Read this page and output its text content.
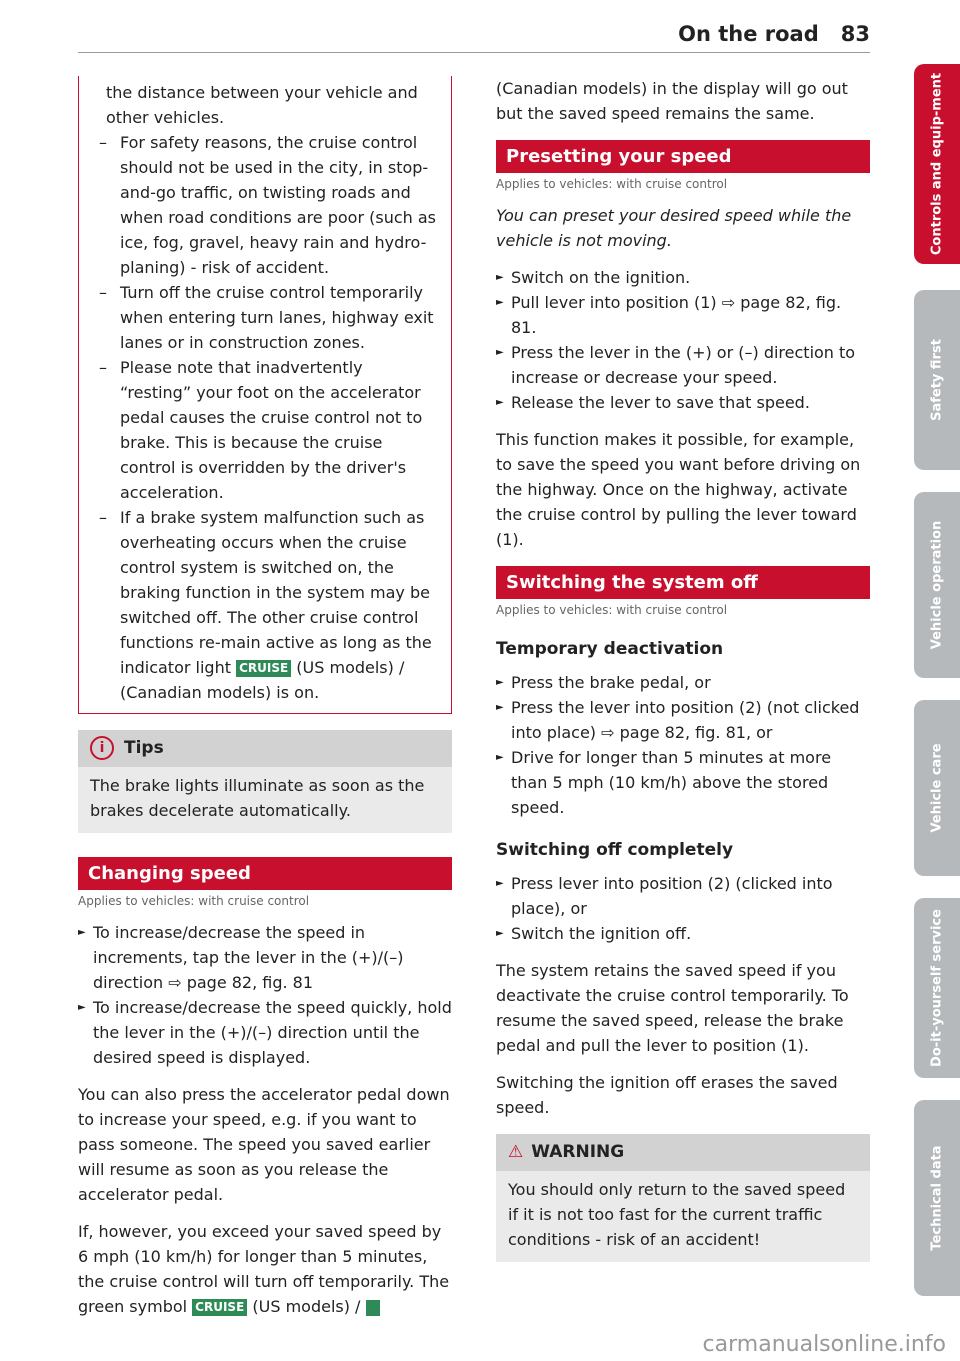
On the road 83
the distance between your vehicle and other vehicles.
– For safety reasons, the cruise control should not be used in the city, in stop-and-go traffic, on twisting roads and when road conditions are poor (such as ice, fog, gravel, heavy rain and hydro-planing) - risk of accident.
– Turn off the cruise control temporarily when entering turn lanes, highway exit lanes or in construction zones.
– Please note that inadvertently “resting” your foot on the accelerator pedal causes the cruise control not to brake. This is because the cruise control is overridden by the driver's acceleration.
– If a brake system malfunction such as overheating occurs when the cruise control system is switched on, the braking function in the system may be switched off. The other cruise control functions re-main active as long as the indicator light CRUISE (US models) / (Canadian models) is on.
i Tips
The brake lights illuminate as soon as the brakes decelerate automatically.
Changing speed
Applies to vehicles: with cruise control
► To increase/decrease the speed in increments, tap the lever in the (+)/(–) direction ⇨ page 82, fig. 81
► To increase/decrease the speed quickly, hold the lever in the (+)/(–) direction until the desired speed is displayed.

You can also press the accelerator pedal down to increase your speed, e.g. if you want to pass someone. The speed you saved earlier will resume as soon as you release the accelerator pedal.

If, however, you exceed your saved speed by 6 mph (10 km/h) for longer than 5 minutes, the cruise control will turn off temporarily. The green symbol CRUISE (US models) /

(Canadian models) in the display will go out but the saved speed remains the same.

Presetting your speed
Applies to vehicles: with cruise control

You can preset your desired speed while the vehicle is not moving.

► Switch on the ignition.
► Pull lever into position (1) ⇨ page 82, fig. 81.
► Press the lever in the (+) or (–) direction to increase or decrease your speed.
► Release the lever to save that speed.

This function makes it possible, for example, to save the speed you want before driving on the highway. Once on the highway, activate the cruise control by pulling the lever toward (1).

Switching the system off
Applies to vehicles: with cruise control
Temporary deactivation
► Press the brake pedal, or
► Press the lever into position (2) (not clicked into place) ⇨ page 82, fig. 81, or
► Drive for longer than 5 minutes at more than 5 mph (10 km/h) above the stored speed.
Switching off completely
► Press lever into position (2) (clicked into place), or
► Switch the ignition off.

The system retains the saved speed if you deactivate the cruise control temporarily. To resume the saved speed, release the brake pedal and pull the lever to position (1).

Switching the ignition off erases the saved speed.

⚠ WARNING
You should only return to the saved speed if it is not too fast for the current traffic conditions - risk of an accident!
carmanualsonline.info
Controls and equip-ment
Safety first
Vehicle operation
Vehicle care
Do-it-yourself service
Technical data
